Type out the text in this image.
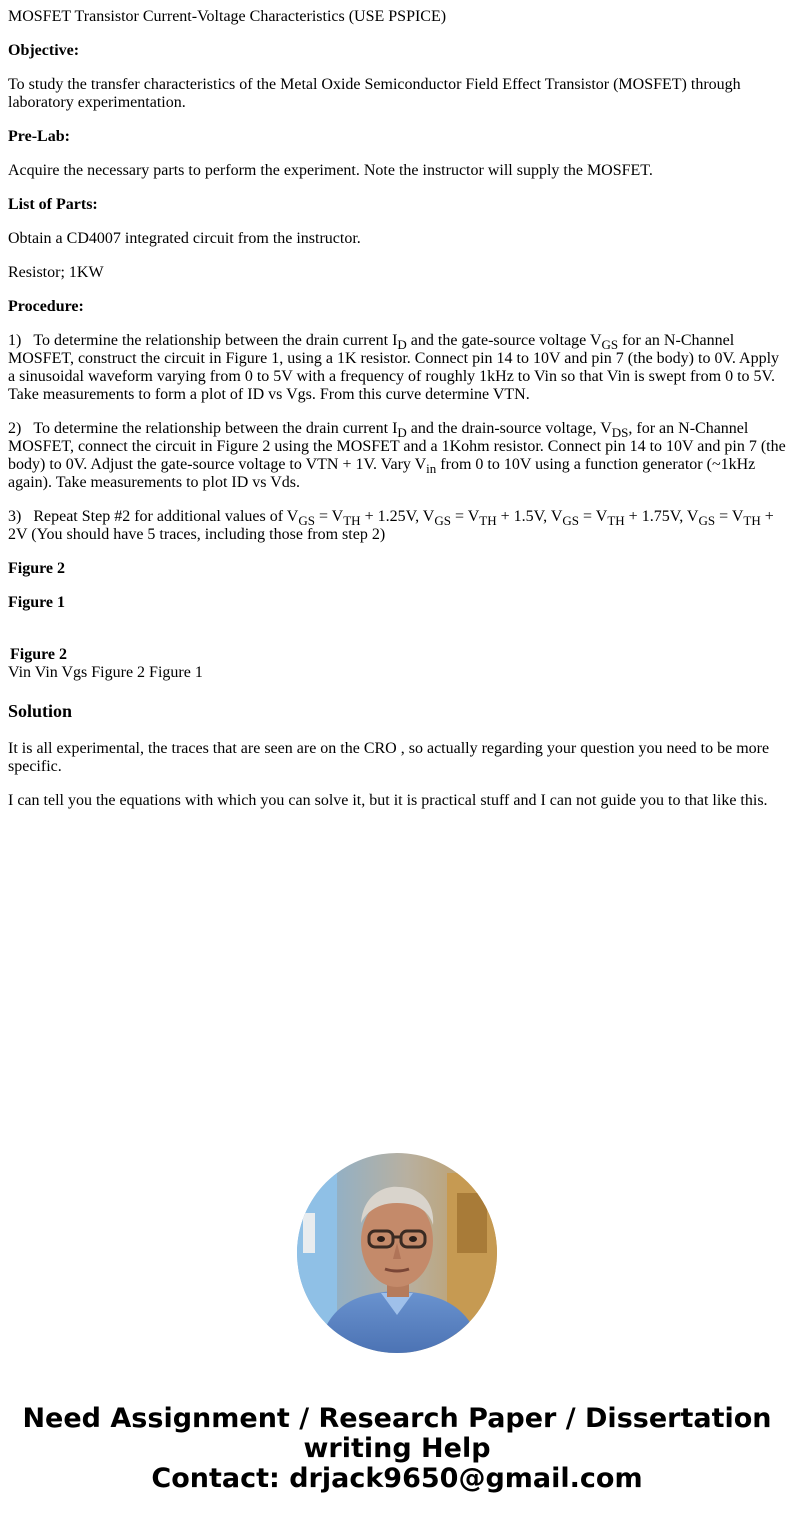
MOSFET Transistor Current-Voltage Characteristics (USE PSPICE)

Objective:

To study the transfer characteristics of the Metal Oxide Semiconductor Field Effect Transistor (MOSFET) through laboratory experimentation.

Pre-Lab:

Acquire the necessary parts to perform the experiment. Note the instructor will supply the MOSFET.

List of Parts:

Obtain a CD4007 integrated circuit from the instructor.

Resistor; 1KW

Procedure:

1) To determine the relationship between the drain current $I_D$ and the gate-source voltage $V_{GS}$ for an N-Channel MOSFET, construct the circuit in Figure 1, using a 1K resistor. Connect pin 14 to 10V and pin 7 (the body) to 0V. Apply a sinusoidal waveform varying from 0 to 5V with a frequency of roughly 1kHz to Vin so that Vin is swept from 0 to 5V. Take measurements to form a plot of ID vs Vgs. From this curve determine VTN.

2) To determine the relationship between the drain current $I_D$ and the drain-source voltage, $V_{DS}$, for an N-Channel MOSFET, connect the circuit in Figure 2 using the MOSFET and a 1Kohm resistor. Connect pin 14 to 10V and pin 7 (the body) to 0V. Adjust the gate-source voltage to VTN + 1V. Vary $V_{in}$ from 0 to 10V using a function generator (~1kHz again). Take measurements to plot ID vs Vds.

3) Repeat Step #2 for additional values of $V_{GS} = V_{TH} + 1.25V$, $V_{GS} = V_{TH} + 1.5V$, $V_{GS} = V_{TH} + 1.75V$, $V_{GS} = V_{TH} + 2V$ (You should have 5 traces, including those from step 2)

Figure 2

Figure 1

Figure 2

Vin Vin Vgs Figure 2 Figure 1

Solution

It is all experimental, the traces that are seen are on the CRO , so actually regarding your question you need to be more specific.

I can tell you the equations with which you can solve it, but it is practical stuff and I can not guide you to that like this.

Need Assignment / Research Paper / Dissertation
writing Help
Contact: drjack9650@gmail.com
